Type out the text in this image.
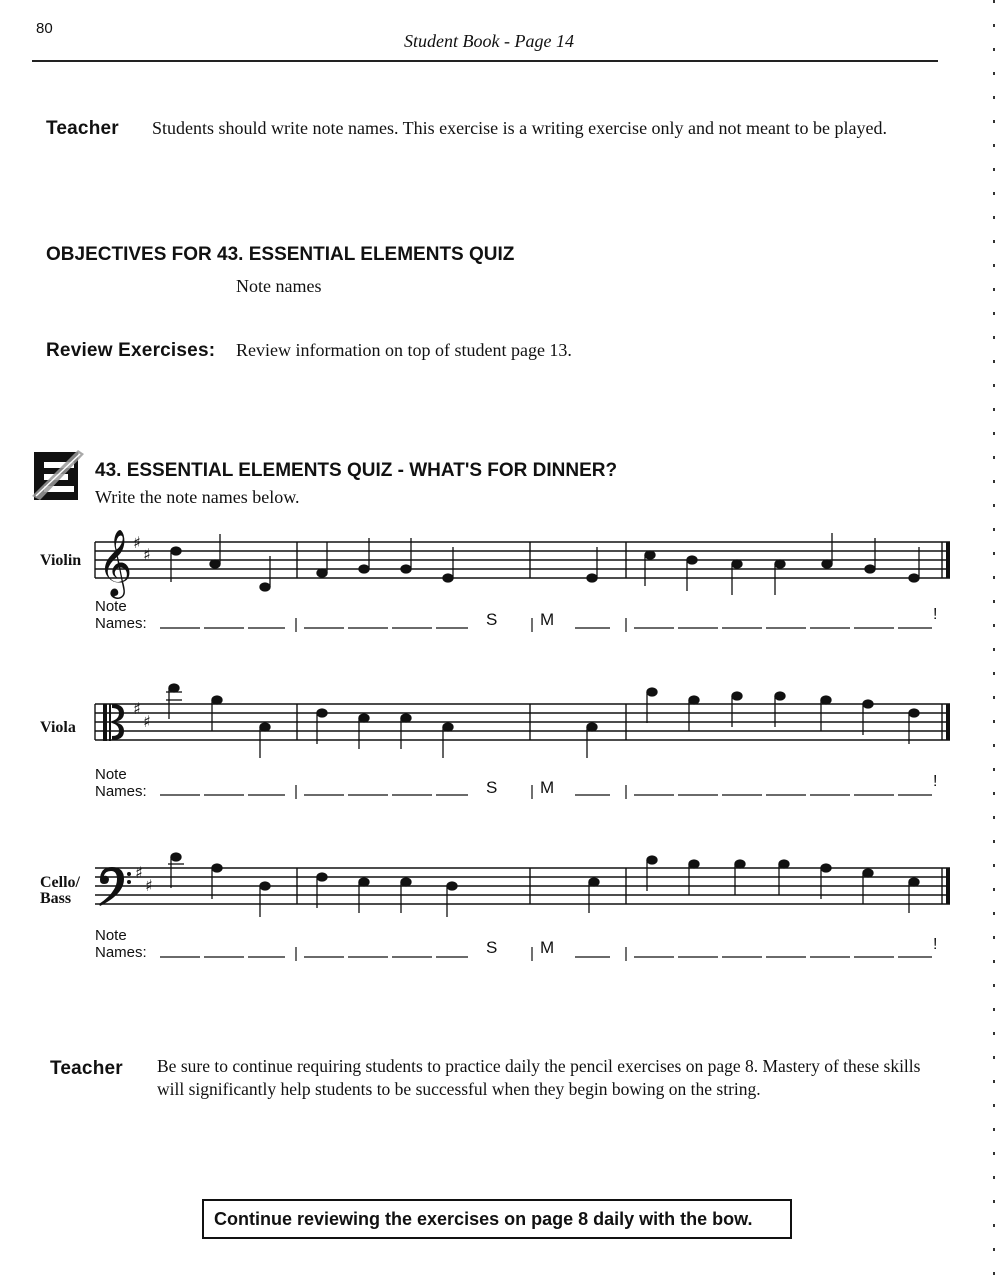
80
Student Book - Page 14
Teacher Students should write note names. This exercise is a writing exercise only and not meant to be played.
OBJECTIVES FOR 43. ESSENTIAL ELEMENTS QUIZ
Note names
Review Exercises: Review information on top of student page 13.
43. ESSENTIAL ELEMENTS QUIZ - WHAT'S FOR DINNER?
Write the note names below.
Violin
Viola
Cello/ Bass
𝄞 ♯
♯
Note Names:	S	M	!
♯
♯
Note Names:	S	M	!
♯
♯
Note Names:	S	M	!
Teacher Be sure to continue requiring students to practice daily the pencil exercises on page 8. Mastery of these skills will significantly help students to be successful when they begin bowing on the string.
Continue reviewing the exercises on page 8 daily with the bow.
